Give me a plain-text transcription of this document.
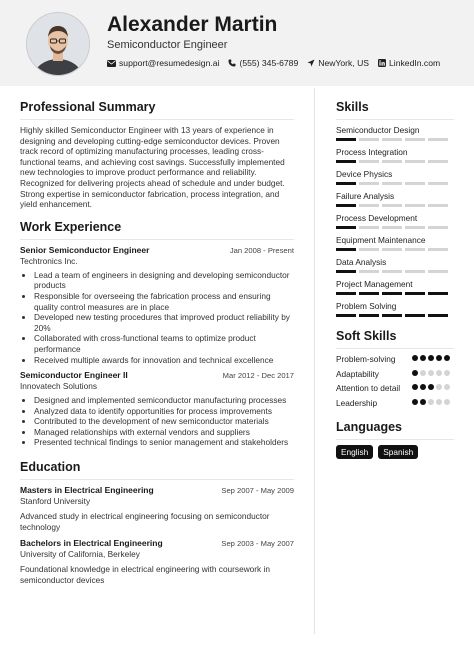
Alexander Martin
Semiconductor Engineer
support@resumedesign.ai (555) 345-6789 NewYork, US LinkedIn.com
Professional Summary

Highly skilled Semiconductor Engineer with 13 years of experience in designing and developing cutting-edge semiconductor devices. Proven track record of optimizing manufacturing processes, leading cross-functional teams, and achieving cost savings. Successfully implemented new technologies to improve product performance and reliability. Recognized for delivering projects ahead of schedule and under budget. Strong expertise in semiconductor fabrication, process integration, and yield enhancement.

Work Experience
Senior Semiconductor Engineer	Jan 2008 - Present
Techtronics Inc.
• Lead a team of engineers in designing and developing semiconductor products
• Responsible for overseeing the fabrication process and ensuring quality control measures are in place
• Developed new testing procedures that improved product reliability by 20%
• Collaborated with cross-functional teams to optimize product performance
• Received multiple awards for innovation and technical excellence
Semiconductor Engineer II	Mar 2012 - Dec 2017
Innovatech Solutions
• Designed and implemented semiconductor manufacturing processes
• Analyzed data to identify opportunities for process improvements
• Contributed to the development of new semiconductor materials
• Managed relationships with external vendors and suppliers
• Presented technical findings to senior management and stakeholders
Education
Masters in Electrical Engineering	Sep 2007 - May 2009
Stanford University
Advanced study in electrical engineering focusing on semiconductor technology
Bachelors in Electrical Engineering	Sep 2003 - May 2007
University of California, Berkeley
Foundational knowledge in electrical engineering with coursework in semiconductor devices
Skills
Semiconductor Design
Process Integration
Device Physics
Failure Analysis
Process Development
Equipment Maintenance
Data Analysis
Project Management
Problem Solving
Soft Skills
Problem-solving
Adaptability
Attention to detail
Leadership
Languages
English	Spanish
